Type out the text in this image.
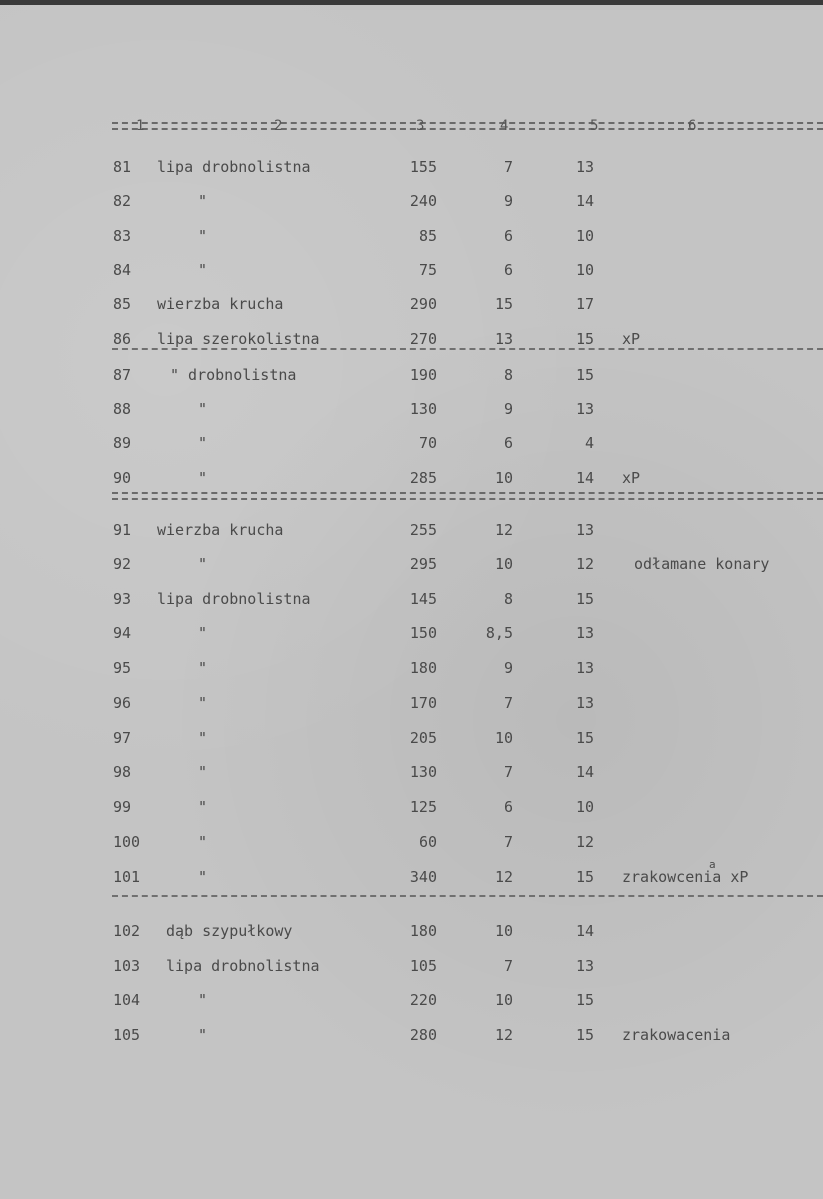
1	2	3	4	5	6
81 lipa drobnolistna	155	7	13
82	"	240	9	14
83	"	85	6	10
84	"	75	6	10
85 wierzba krucha	290	15	17
86 lipa szerokolistna	270	13	15 xP
87	" drobnolistna	190	8	15
88	"	130	9	13
89	"	70	6	4
90	"	285	10	14 xP
91 wierzba krucha	255	12	13
92	"	295	10	12	odłamane konary
93 lipa drobnolistna	145	8	15
94	"	150	8,5	13
95	"	180	9	13
96	"	170	7	13
97	"	205	10	15
98	"	130	7	14
99	"	125	6	10
100	"	60	7	12
101	"	340	12	15 zrakowcenia xP
102 dąb szypułkowy	180	10	14
103 lipa drobnolistna	105	7	13
104	"	220	10	15
105	"	280	12	15 zrakowacenia
a
